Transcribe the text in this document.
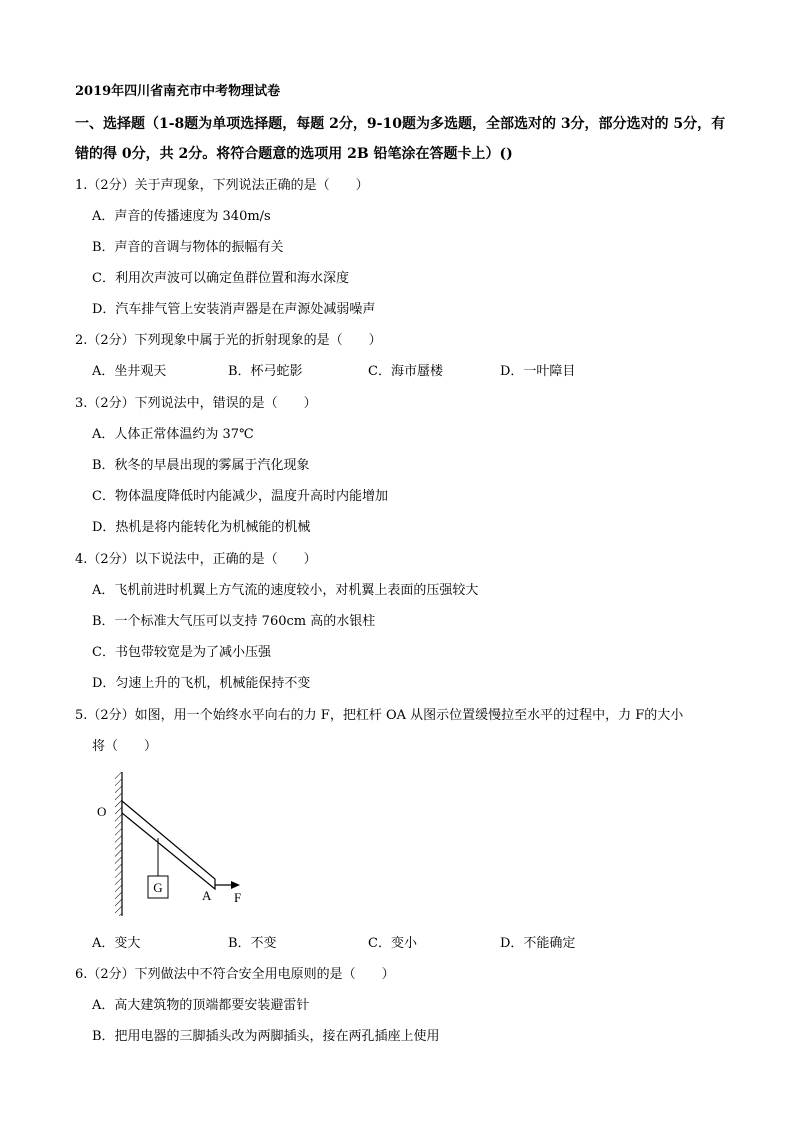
2019年四川省南充市中考物理试卷
一、选择题（1-8题为单项选择题，每题 2分，9-10题为多选题，全部选对的 3分，部分选对的 5分，有
错的得 0分，共 2分。将符合题意的选项用 2B 铅笔涂在答题卡上）()
1.（2分）关于声现象，下列说法正确的是（　　）
A．声音的传播速度为 340m/s
B．声音的音调与物体的振幅有关
C．利用次声波可以确定鱼群位置和海水深度
D．汽车排气管上安装消声器是在声源处减弱噪声
2.（2分）下列现象中属于光的折射现象的是（　　）
A．坐井观天	B．杯弓蛇影	C．海市蜃楼	D．一叶障目
3.（2分）下列说法中，错误的是（　　）
A．人体正常体温约为 37℃
B．秋冬的早晨出现的雾属于汽化现象
C．物体温度降低时内能减少，温度升高时内能增加
D．热机是将内能转化为机械能的机械
4.（2分）以下说法中，正确的是（　　）
A．飞机前进时机翼上方气流的速度较小，对机翼上表面的压强较大
B．一个标准大气压可以支持 760cm 高的水银柱
C．书包带较宽是为了减小压强
D．匀速上升的飞机，机械能保持不变
5.（2分）如图，用一个始终水平向右的力 F，把杠杆 OA 从图示位置缓慢拉至水平的过程中，力 F的大小
将（　　）
G
O
A F
A．变大	B．不变	C．变小	D．不能确定
6.（2分）下列做法中不符合安全用电原则的是（　　）
A．高大建筑物的顶端都要安装避雷针
B．把用电器的三脚插头改为两脚插头，接在两孔插座上使用
